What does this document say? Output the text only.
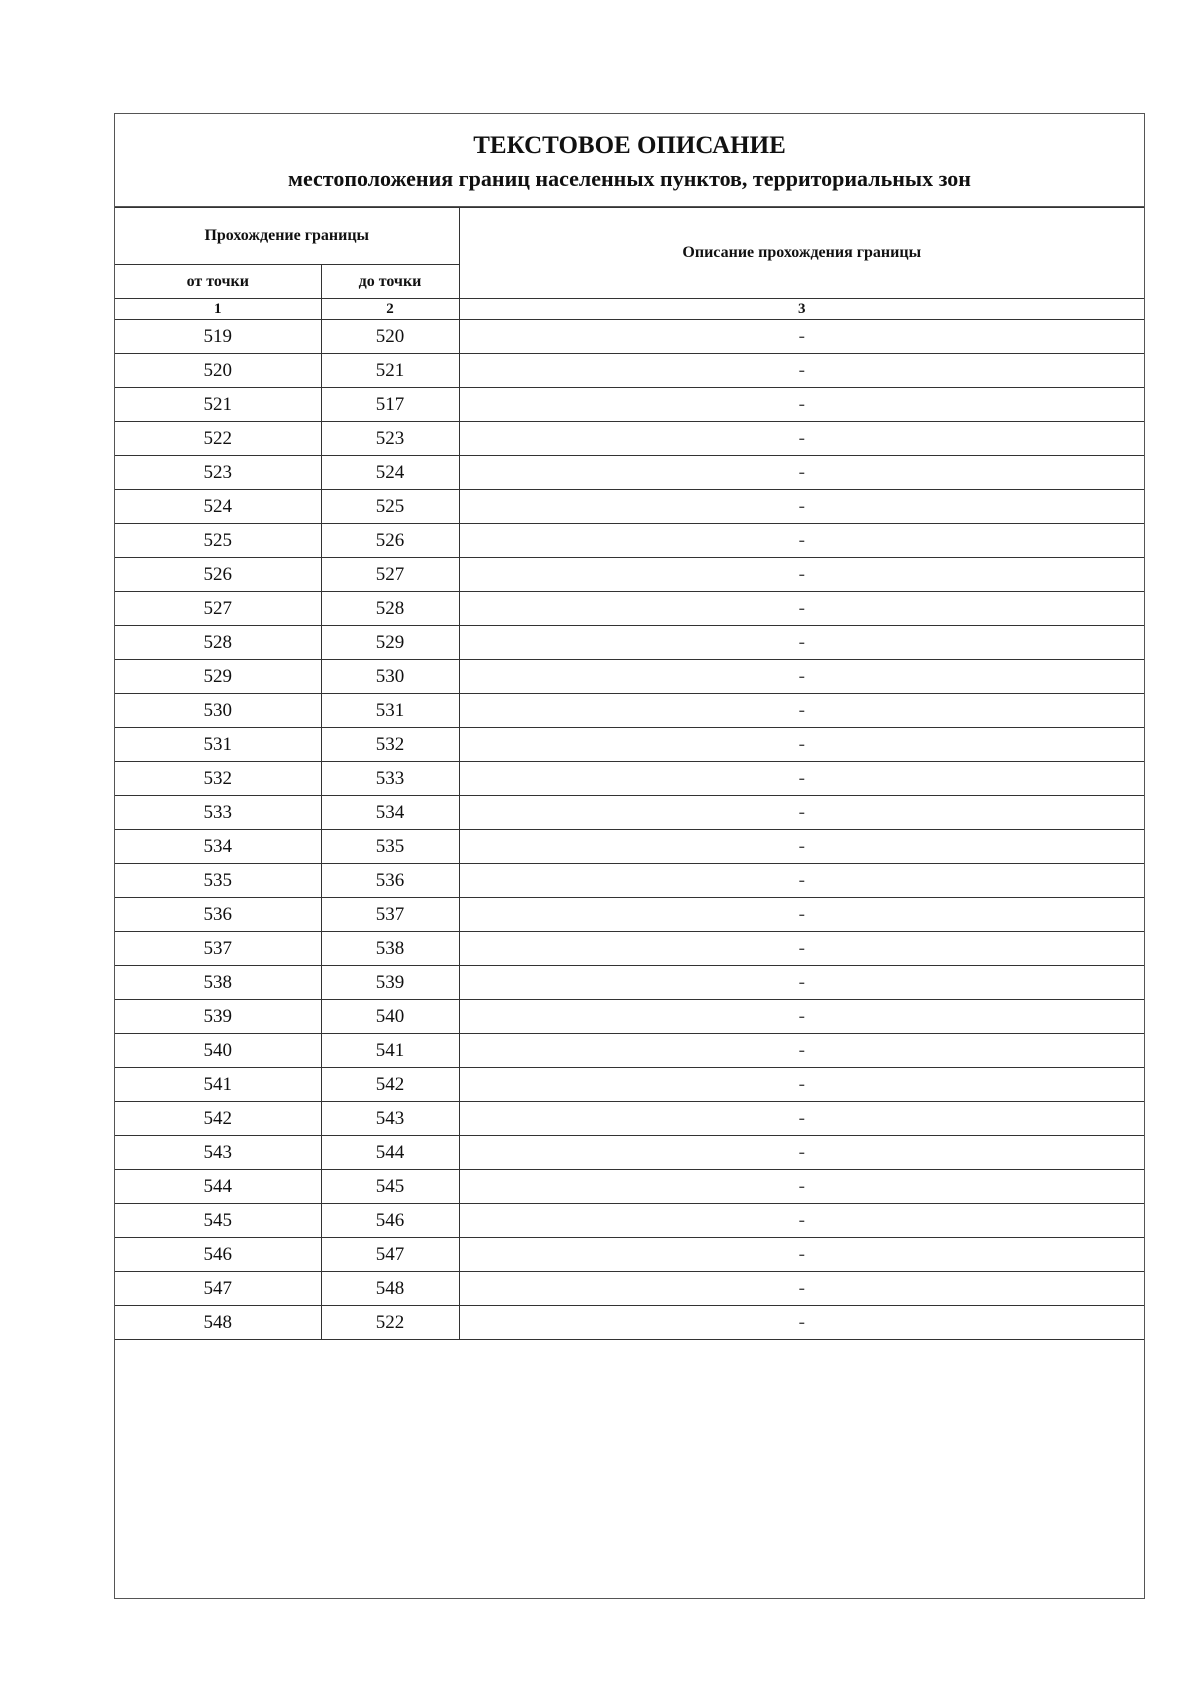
ТЕКСТОВОЕ ОПИСАНИЕ
местоположения границ населенных пунктов, территориальных зон
Прохождение границы		Описание прохождения границы
от точки	до точки	
1	2	3
519	520	-
520	521	-
521	517	-
522	523	-
523	524	-
524	525	-
525	526	-
526	527	-
527	528	-
528	529	-
529	530	-
530	531	-
531	532	-
532	533	-
533	534	-
534	535	-
535	536	-
536	537	-
537	538	-
538	539	-
539	540	-
540	541	-
541	542	-
542	543	-
543	544	-
544	545	-
545	546	-
546	547	-
547	548	-
548	522	-
